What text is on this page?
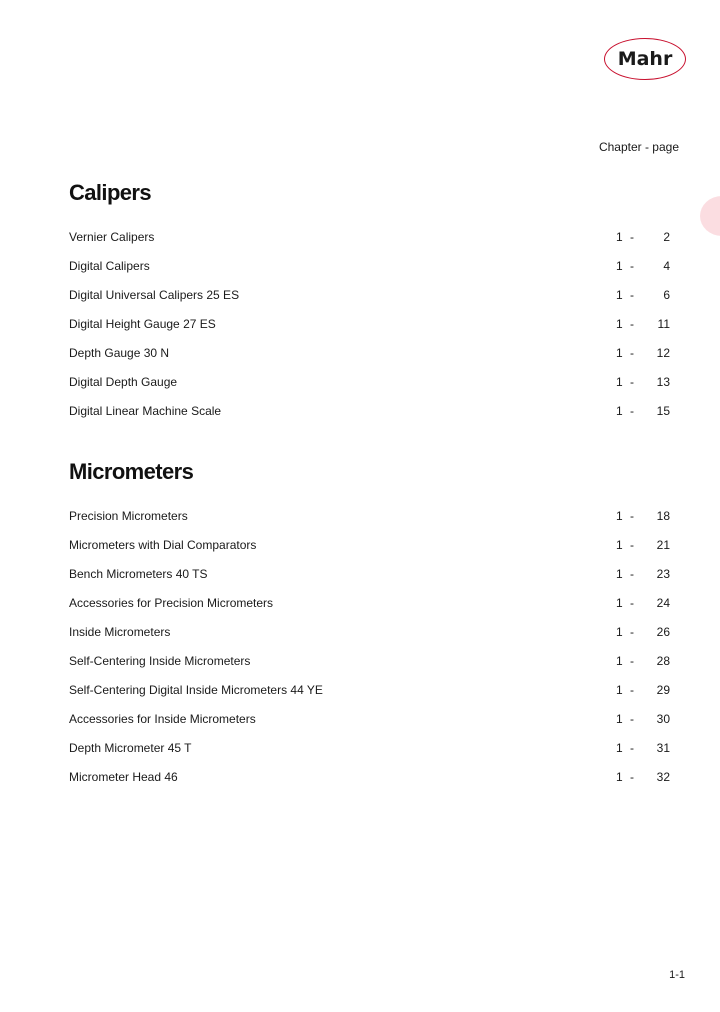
Mahr
Chapter - page
Calipers
Vernier Calipers	1 -	2
Digital Calipers	1 -	4
Digital Universal Calipers 25 ES	1 -	6
Digital Height Gauge 27 ES	1 -	11
Depth Gauge 30 N	1 -	12
Digital Depth Gauge	1 -	13
Digital Linear Machine Scale	1 -	15
Micrometers
Precision Micrometers	1 -	18
Micrometers with Dial Comparators	1 -	21
Bench Micrometers 40 TS	1 -	23
Accessories for Precision Micrometers	1 -	24
Inside Micrometers	1 -	26
Self-Centering Inside Micrometers	1 -	28
Self-Centering Digital Inside Micrometers 44 YE	1 -	29
Accessories for Inside Micrometers	1 -	30
Depth Micrometer 45 T	1 -	31
Micrometer Head 46	1 -	32
1-1
